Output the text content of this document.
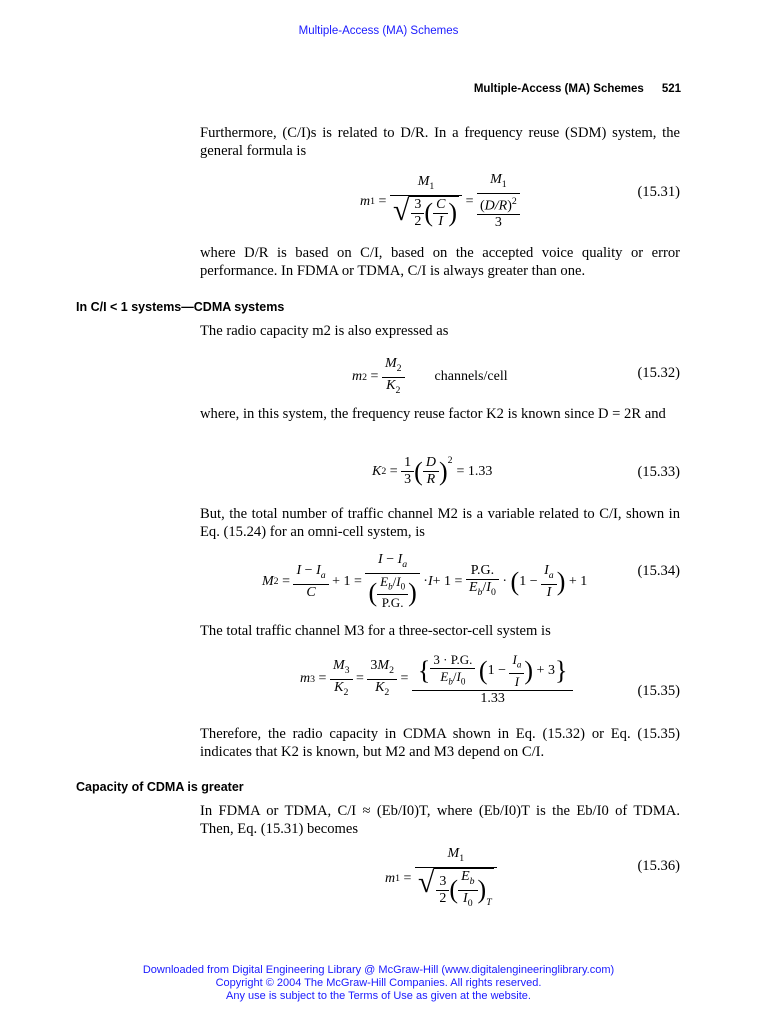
Multiple-Access (MA) Schemes
Multiple-Access (MA) Schemes 521
Furthermore, (C/I)s is related to D/R. In a frequency reuse (SDM) system, the general formula is
m $1 = \frac{M_1}{√ \frac{3}{2} ( \frac{C}{I} )}$ =
$M_1$
$(D/R)^2$
3
(15.31)
where D/R is based on C/I, based on the accepted voice quality or error performance. In FDMA or TDMA, C/I is always greater than one.
In C/I < 1 systems—CDMA systems
The radio capacity m2 is also expressed as
m $2 = \frac{M_2}{K_2}$ channels/cell	(15.32)
where, in this system, the frequency reuse factor K2 is known since D = 2R and
K $2 = \frac{1}{3}$ ( $\frac{D}{R} )^2$
= 1.33	(15.33)
But, the total number of traffic channel M2 is a variable related to C/I, shown in Eq. (15.24) for an omni-cell system, is
M $2 = \frac{I - I_a}{C} + 1 = \frac{I - I_a}{( \frac{E_b/I_0}{P.G.} )} \cdot I + 1 = \frac{P.G.}{E_b/I_0}$ · ( $1 - \frac{I_a}{I}$ ) + 1
(15.34)
The total traffic channel M3 for a three-sector-cell system is
m $3 = \frac{M_3}{K_2} = \frac{3M_2}{K_2} = \frac{\{ \frac{3 \cdot P.G.}{E_b/I_0} (1 - \frac{I_a}{I} ) + 3\}}{1.33}$	(15.35)
Therefore, the radio capacity in CDMA shown in Eq. (15.32) or Eq. (15.35) indicates that K2 is known, but M2 and M3 depend on C/I.
Capacity of CDMA is greater
In FDMA or TDMA, C/I ≈ (Eb/I0)T, where (Eb/I0)T is the Eb/I0 of TDMA. Then, Eq. (15.31) becomes
m $1 = \frac{M_1}{√ \frac{3}{2} ( \frac{E_b}{I_0} ) _T}$	(15.36)
Downloaded from Digital Engineering Library @ McGraw-Hill (www.digitalengineeringlibrary.com)
Copyright © 2004 The McGraw-Hill Companies. All rights reserved.
Any use is subject to the Terms of Use as given at the website.
